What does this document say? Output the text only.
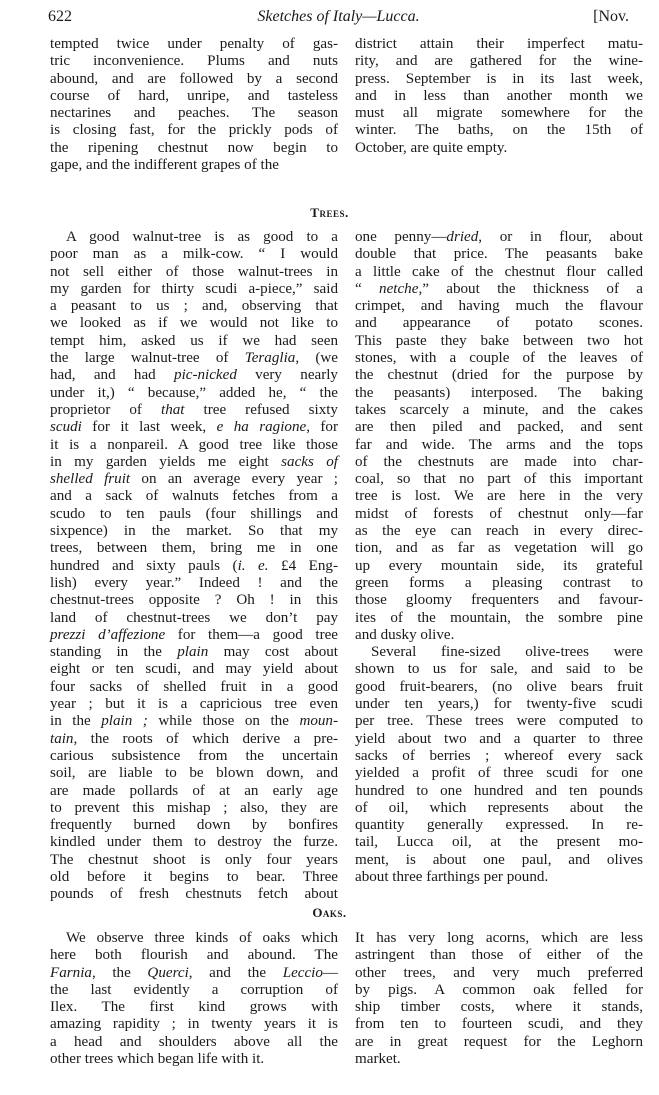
622	Sketches of Italy—Lucca.	[Nov.
tempted twice under penalty of gas-
tric inconvenience. Plums and nuts
abound, and are followed by a second
course of hard, unripe, and tasteless
nectarines and peaches. The season
is closing fast, for the prickly pods of
the ripening chestnut now begin to
gape, and the indifferent grapes of the
district attain their imperfect matu-
rity, and are gathered for the wine-
press. September is in its last week,
and in less than another month we
must all migrate somewhere for the
winter. The baths, on the 15th of
October, are quite empty.
Trees.
A good walnut-tree is as good to a
poor man as a milk-cow. “ I would
not sell either of those walnut-trees in
my garden for thirty scudi a-piece,” said
a peasant to us ; and, observing that
we looked as if we would not like to
tempt him, asked us if we had seen
the large walnut-tree of Teraglia, (we
had, and had pic-nicked very nearly
under it,) “ because,” added he, “ the
proprietor of that tree refused sixty
scudi for it last week, e ha ragione, for
it is a nonpareil. A good tree like those
in my garden yields me eight sacks of
shelled fruit on an average every year ;
and a sack of walnuts fetches from a
scudo to ten pauls (four shillings and
sixpence) in the market. So that my
trees, between them, bring me in one
hundred and sixty pauls (i. e. £4 Eng-
lish) every year.” Indeed ! and the
chestnut-trees opposite ? Oh ! in this
land of chestnut-trees we don’t pay
prezzi d’affezione for them—a good tree
standing in the plain may cost about
eight or ten scudi, and may yield about
four sacks of shelled fruit in a good
year ; but it is a capricious tree even
in the plain ; while those on the moun-
tain, the roots of which derive a pre-
carious subsistence from the uncertain
soil, are liable to be blown down, and
are made pollards of at an early age
to prevent this mishap ; also, they are
frequently burned down by bonfires
kindled under them to destroy the furze.
The chestnut shoot is only four years
old before it begins to bear. Three
pounds of fresh chestnuts fetch about
one penny—dried, or in flour, about
double that price. The peasants bake
a little cake of the chestnut flour called
“ netche,” about the thickness of a
crimpet, and having much the flavour
and appearance of potato scones.
This paste they bake between two hot
stones, with a couple of the leaves of
the chestnut (dried for the purpose by
the peasants) interposed. The baking
takes scarcely a minute, and the cakes
are then piled and packed, and sent
far and wide. The arms and the tops
of the chestnuts are made into char-
coal, so that no part of this important
tree is lost. We are here in the very
midst of forests of chestnut only—far
as the eye can reach in every direc-
tion, and as far as vegetation will go
up every mountain side, its grateful
green forms a pleasing contrast to
those gloomy frequenters and favour-
ites of the mountain, the sombre pine
and dusky olive.
Several fine-sized olive-trees were
shown to us for sale, and said to be
good fruit-bearers, (no olive bears fruit
under ten years,) for twenty-five scudi
per tree. These trees were computed to
yield about two and a quarter to three
sacks of berries ; whereof every sack
yielded a profit of three scudi for one
hundred to one hundred and ten pounds
of oil, which represents about the
quantity generally expressed. In re-
tail, Lucca oil, at the present mo-
ment, is about one paul, and olives
about three farthings per pound.
Oaks.
We observe three kinds of oaks which
here both flourish and abound. The
Farnia, the Querci, and the Leccio—
the last evidently a corruption of
Ilex. The first kind grows with
amazing rapidity ; in twenty years it is
a head and shoulders above all the
other trees which began life with it.
It has very long acorns, which are less
astringent than those of either of the
other trees, and very much preferred
by pigs. A common oak felled for
ship timber costs, where it stands,
from ten to fourteen scudi, and they
are in great request for the Leghorn
market.
